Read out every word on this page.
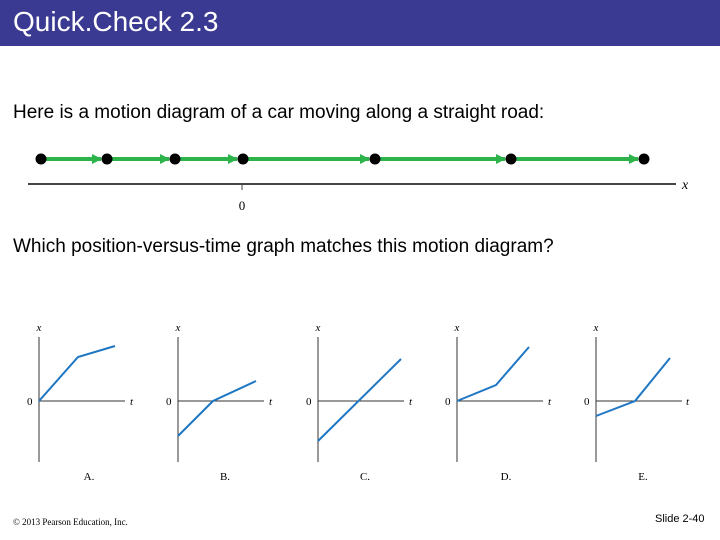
Quick.Check 2.3
Here is a motion diagram of a car moving along a straight road:
0
x
x
t
0
A.
x
t
0
B.
x
t
0
C.
x
t
0
D.
x
t
0
E.
Which position-versus-time graph matches this motion diagram?
© 2013 Pearson Education, Inc.	Slide 2-40
